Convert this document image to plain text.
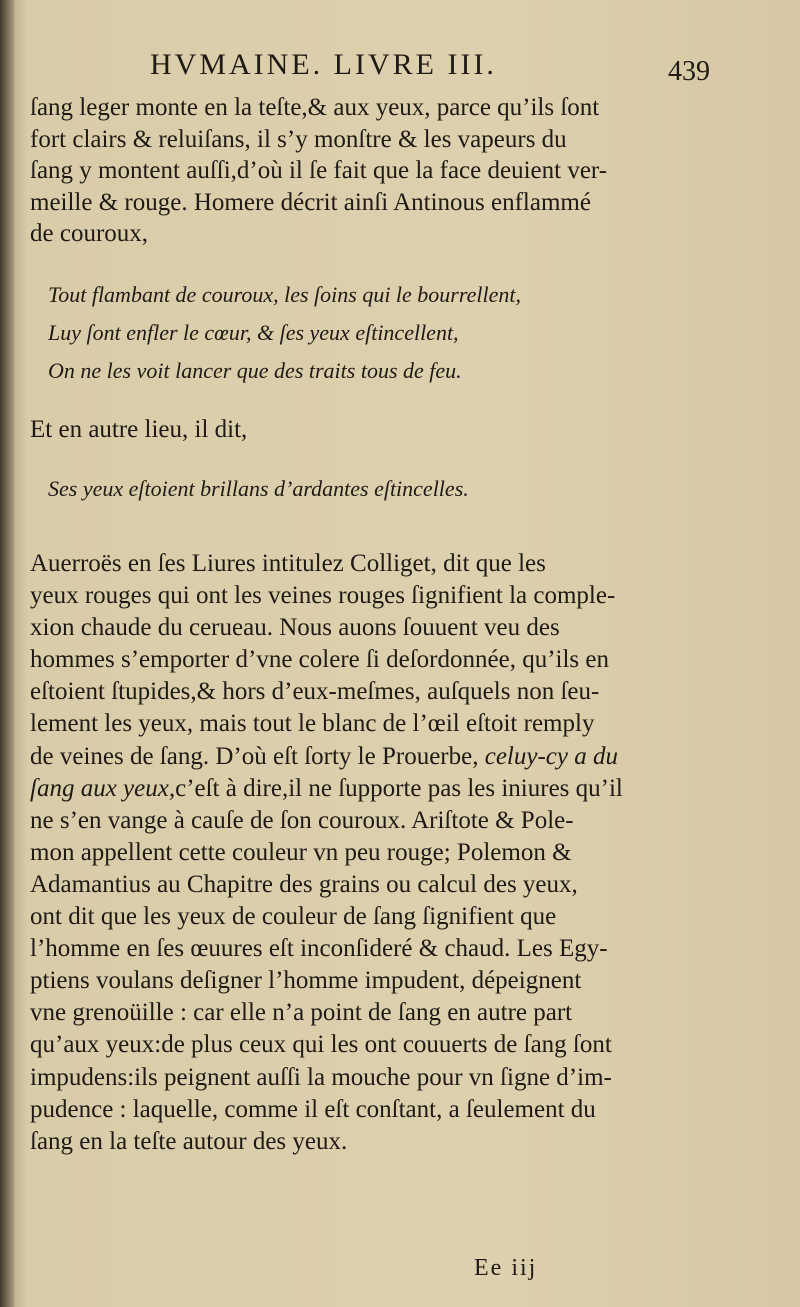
HVMAINE. LIVRE III.	439
ſang leger monte en la teſte,& aux yeux, parce qu’ils ſont
fort clairs & reluiſans, il s’y monſtre & les vapeurs du
ſang y montent auſſi,d’où il ſe fait que la face deuient ver-
meille & rouge. Homere décrit ainſi Antinous enflammé
de couroux,
Tout flambant de couroux, les ſoins qui le bourrellent,
Luy ſont enfler le cœur, & ſes yeux eſtincellent,
On ne les voit lancer que des traits tous de feu.
Et en autre lieu, il dit,
Ses yeux eſtoient brillans d’ardantes eſtincelles.
Auerroës en ſes Liures intitulez Colliget, dit que les
yeux rouges qui ont les veines rouges ſignifient la comple-
xion chaude du cerueau. Nous auons ſouuent veu des
hommes s’emporter d’vne colere ſi deſordonnée, qu’ils en
eſtoient ſtupides,& hors d’eux-meſmes, auſquels non ſeu-
lement les yeux, mais tout le blanc de l’œil eſtoit remply
de veines de ſang. D’où eſt ſorty le Prouerbe, celuy-cy a du
ſang aux yeux,c’eſt à dire,il ne ſupporte pas les iniures qu’il
ne s’en vange à cauſe de ſon couroux. Ariſtote & Pole-
mon appellent cette couleur vn peu rouge; Polemon &
Adamantius au Chapitre des grains ou calcul des yeux,
ont dit que les yeux de couleur de ſang ſignifient que
l’homme en ſes œuures eſt inconſideré & chaud. Les Egy-
ptiens voulans deſigner l’homme impudent, dépeignent
vne grenoüille : car elle n’a point de ſang en autre part
qu’aux yeux:de plus ceux qui les ont couuerts de ſang ſont
impudens:ils peignent auſſi la mouche pour vn ſigne d’im-
pudence : laquelle, comme il eſt conſtant, a ſeulement du
ſang en la teſte autour des yeux.
Ee iij
